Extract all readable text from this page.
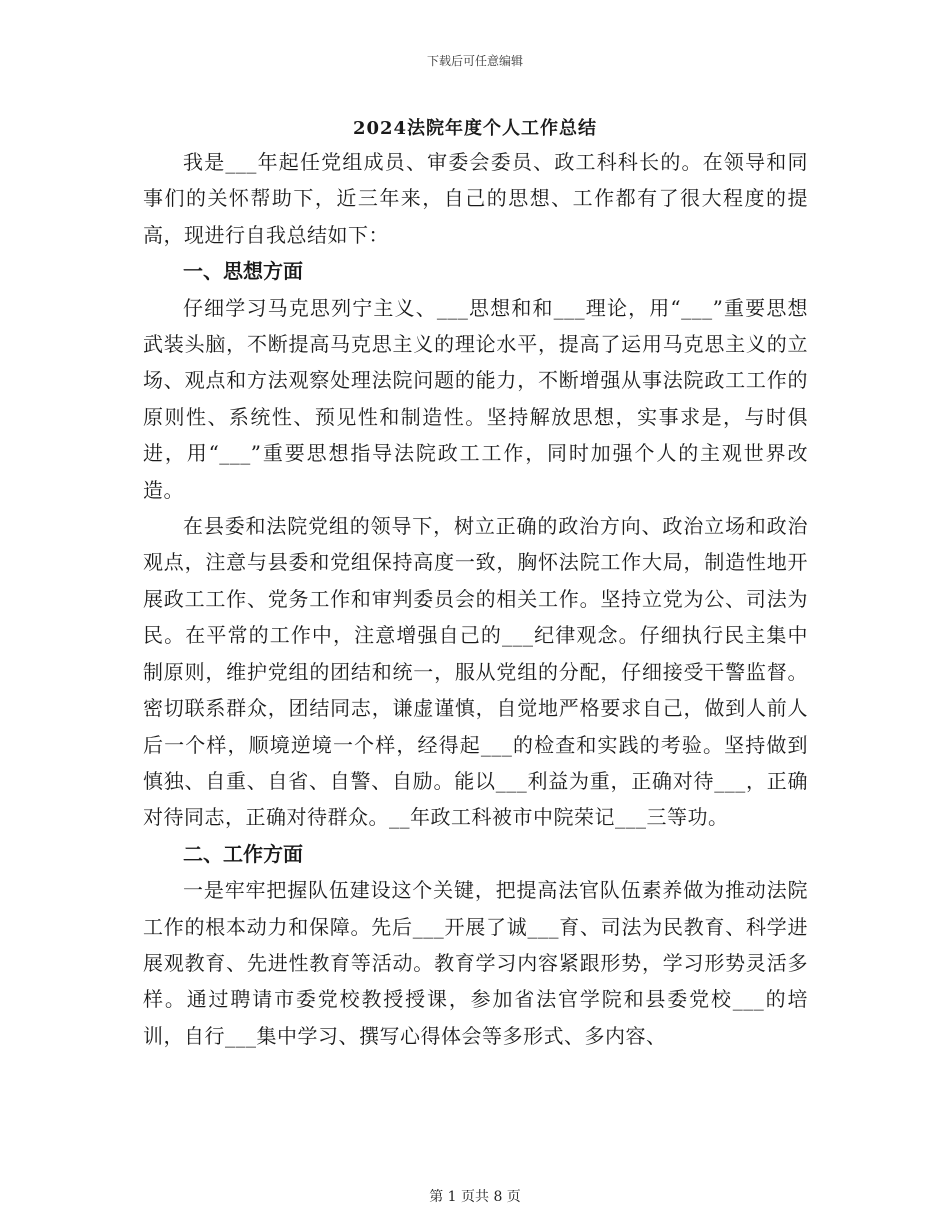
下载后可任意编辑
2024法院年度个人工作总结

我是___年起任党组成员、审委会委员、政工科科长的。在领导和同事们的关怀帮助下，近三年来，自己的思想、工作都有了很大程度的提高，现进行自我总结如下：

一、思想方面

仔细学习马克思列宁主义、___思想和和___理论，用“___”重要思想武装头脑，不断提高马克思主义的理论水平，提高了运用马克思主义的立场、观点和方法观察处理法院问题的能力，不断增强从事法院政工工作的原则性、系统性、预见性和制造性。坚持解放思想，实事求是，与时俱进，用“___”重要思想指导法院政工工作，同时加强个人的主观世界改造。

在县委和法院党组的领导下，树立正确的政治方向、政治立场和政治观点，注意与县委和党组保持高度一致，胸怀法院工作大局，制造性地开展政工工作、党务工作和审判委员会的相关工作。坚持立党为公、司法为民。在平常的工作中，注意增强自己的___纪律观念。仔细执行民主集中制原则，维护党组的团结和统一，服从党组的分配，仔细接受干警监督。密切联系群众，团结同志，谦虚谨慎，自觉地严格要求自己，做到人前人后一个样，顺境逆境一个样，经得起___的检查和实践的考验。坚持做到慎独、自重、自省、自警、自励。能以___利益为重，正确对待___，正确对待同志，正确对待群众。__年政工科被市中院荣记___三等功。

二、工作方面

一是牢牢把握队伍建设这个关键，把提高法官队伍素养做为推动法院工作的根本动力和保障。先后___开展了诚___育、司法为民教育、科学进展观教育、先进性教育等活动。教育学习内容紧跟形势，学习形势灵活多样。通过聘请市委党校教授授课，参加省法官学院和县委党校___的培训，自行___集中学习、撰写心得体会等多形式、多内容、

第 1 页共 8 页
